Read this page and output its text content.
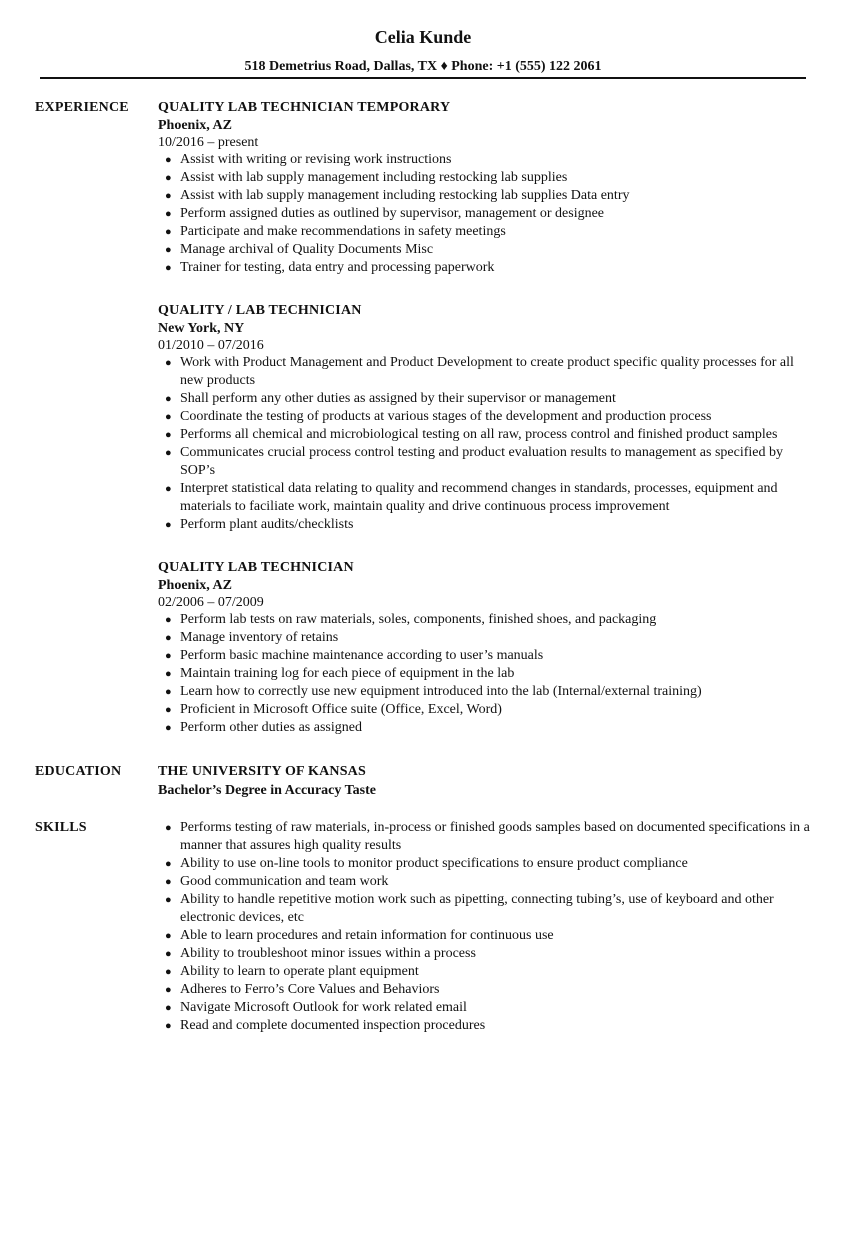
Celia Kunde
518 Demetrius Road, Dallas, TX ♦ Phone: +1 (555) 122 2061
EXPERIENCE QUALITY LAB TECHNICIAN TEMPORARY
Phoenix, AZ
10/2016 – present
● Assist with writing or revising work instructions
● Assist with lab supply management including restocking lab supplies
● Assist with lab supply management including restocking lab supplies Data entry
● Perform assigned duties as outlined by supervisor, management or designee
● Participate and make recommendations in safety meetings
● Manage archival of Quality Documents Misc
● Trainer for testing, data entry and processing paperwork
QUALITY / LAB TECHNICIAN
New York, NY
01/2010 – 07/2016
● Work with Product Management and Product Development to create product specific quality processes for all new products
● Shall perform any other duties as assigned by their supervisor or management
● Coordinate the testing of products at various stages of the development and production process
● Performs all chemical and microbiological testing on all raw, process control and finished product samples
● Communicates crucial process control testing and product evaluation results to management as specified by SOP’s
● Interpret statistical data relating to quality and recommend changes in standards, processes, equipment and materials to faciliate work, maintain quality and drive continuous process improvement
● Perform plant audits/checklists
QUALITY LAB TECHNICIAN
Phoenix, AZ
02/2006 – 07/2009
● Perform lab tests on raw materials, soles, components, finished shoes, and packaging
● Manage inventory of retains
● Perform basic machine maintenance according to user’s manuals
● Maintain training log for each piece of equipment in the lab
● Learn how to correctly use new equipment introduced into the lab (Internal/external training)
● Proficient in Microsoft Office suite (Office, Excel, Word)
● Perform other duties as assigned
EDUCATION	THE UNIVERSITY OF KANSAS
Bachelor’s Degree in Accuracy Taste
SKILLS	● Performs testing of raw materials, in-process or finished goods samples based on documented specifications in a manner that assures high quality results
● Ability to use on-line tools to monitor product specifications to ensure product compliance
● Good communication and team work
● Ability to handle repetitive motion work such as pipetting, connecting tubing’s, use of keyboard and other electronic devices, etc
● Able to learn procedures and retain information for continuous use
● Ability to troubleshoot minor issues within a process
● Ability to learn to operate plant equipment
● Adheres to Ferro’s Core Values and Behaviors
● Navigate Microsoft Outlook for work related email
● Read and complete documented inspection procedures
